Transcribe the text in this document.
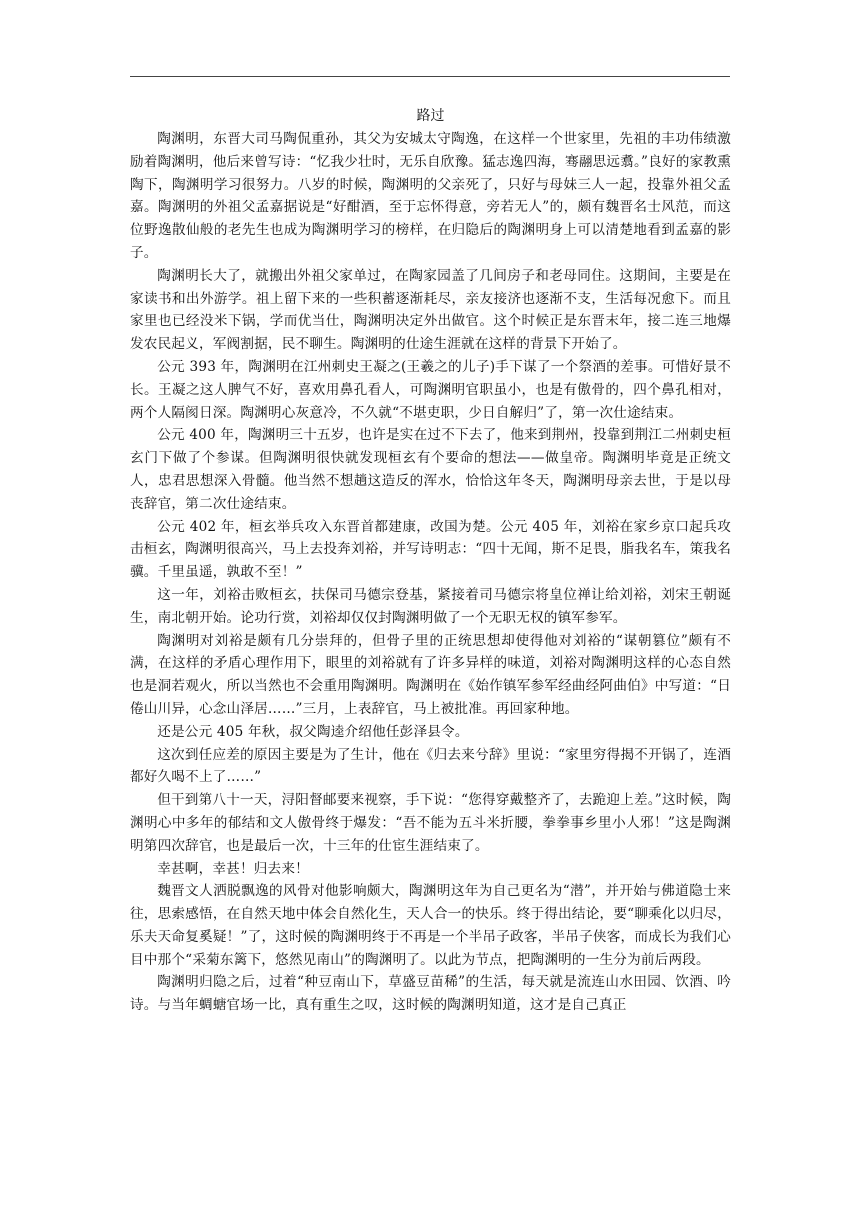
路过

陶渊明，东晋大司马陶侃重孙，其父为安城太守陶逸，在这样一个世家里，先祖的丰功伟绩激励着陶渊明，他后来曾写诗：“忆我少壮时，无乐自欣豫。猛志逸四海，骞翮思远翥。”良好的家教熏陶下，陶渊明学习很努力。八岁的时候，陶渊明的父亲死了，只好与母妹三人一起，投靠外祖父孟嘉。陶渊明的外祖父孟嘉据说是“好酣酒，至于忘怀得意，旁若无人”的，颇有魏晋名士风范，而这位野逸散仙般的老先生也成为陶渊明学习的榜样，在归隐后的陶渊明身上可以清楚地看到孟嘉的影子。

陶渊明长大了，就搬出外祖父家单过，在陶家园盖了几间房子和老母同住。这期间，主要是在家读书和出外游学。祖上留下来的一些积蓄逐渐耗尽，亲友接济也逐渐不支，生活每况愈下。而且家里也已经没米下锅，学而优当仕，陶渊明决定外出做官。这个时候正是东晋末年，接二连三地爆发农民起义，军阀割据，民不聊生。陶渊明的仕途生涯就在这样的背景下开始了。

公元 393 年，陶渊明在江州刺史王凝之(王羲之的儿子)手下谋了一个祭酒的差事。可惜好景不长。王凝之这人脾气不好，喜欢用鼻孔看人，可陶渊明官职虽小，也是有傲骨的，四个鼻孔相对，两个人隔阂日深。陶渊明心灰意冷，不久就“不堪吏职，少日自解归”了，第一次仕途结束。

公元 400 年，陶渊明三十五岁，也许是实在过不下去了，他来到荆州，投靠到荆江二州刺史桓玄门下做了个参谋。但陶渊明很快就发现桓玄有个要命的想法——做皇帝。陶渊明毕竟是正统文人，忠君思想深入骨髓。他当然不想趟这造反的浑水，恰恰这年冬天，陶渊明母亲去世，于是以母丧辞官，第二次仕途结束。

公元 402 年，桓玄举兵攻入东晋首都建康，改国为楚。公元 405 年，刘裕在家乡京口起兵攻击桓玄，陶渊明很高兴，马上去投奔刘裕，并写诗明志：“四十无闻，斯不足畏，脂我名车，策我名骥。千里虽遥，孰敢不至！”

这一年，刘裕击败桓玄，扶保司马德宗登基，紧接着司马德宗将皇位禅让给刘裕，刘宋王朝诞生，南北朝开始。论功行赏，刘裕却仅仅封陶渊明做了一个无职无权的镇军参军。

陶渊明对刘裕是颇有几分崇拜的，但骨子里的正统思想却使得他对刘裕的“谋朝篡位”颇有不满，在这样的矛盾心理作用下，眼里的刘裕就有了许多异样的味道，刘裕对陶渊明这样的心态自然也是洞若观火，所以当然也不会重用陶渊明。陶渊明在《始作镇军参军经曲经阿曲伯》中写道：“日倦山川异，心念山泽居……”三月，上表辞官，马上被批准。再回家种地。

还是公元 405 年秋，叔父陶逵介绍他任彭泽县令。

这次到任应差的原因主要是为了生计，他在《归去来兮辞》里说：“家里穷得揭不开锅了，连酒都好久喝不上了……”

但干到第八十一天，浔阳督邮要来视察，手下说：“您得穿戴整齐了，去跪迎上差。”这时候，陶渊明心中多年的郁结和文人傲骨终于爆发：“吾不能为五斗米折腰，拳拳事乡里小人邪！”这是陶渊明第四次辞官，也是最后一次，十三年的仕宦生涯结束了。

幸甚啊，幸甚！归去来！

魏晋文人洒脱飘逸的风骨对他影响颇大，陶渊明这年为自己更名为“潜”，并开始与佛道隐士来往，思索感悟，在自然天地中体会自然化生，天人合一的快乐。终于得出结论，要“聊乘化以归尽，乐夫天命复奚疑！”了，这时候的陶渊明终于不再是一个半吊子政客，半吊子侠客，而成长为我们心目中那个“采菊东篱下，悠然见南山”的陶渊明了。以此为节点，把陶渊明的一生分为前后两段。

陶渊明归隐之后，过着“种豆南山下，草盛豆苗稀”的生活，每天就是流连山水田园、饮酒、吟诗。与当年蜩螗官场一比，真有重生之叹，这时候的陶渊明知道，这才是自己真正
